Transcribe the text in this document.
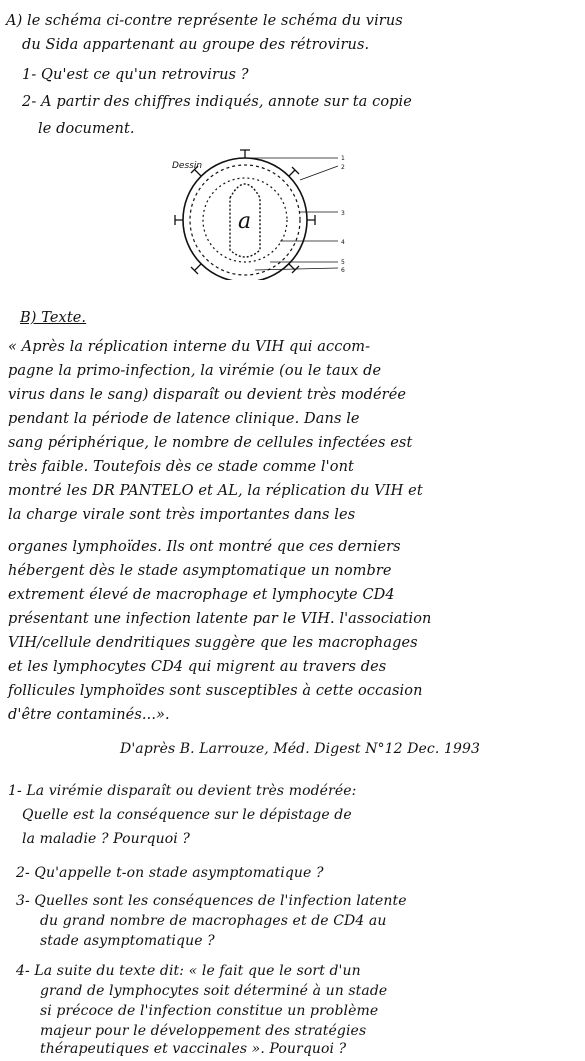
A) le schéma ci-contre représente le schéma du virus
du Sida appartenant au groupe des rétrovirus.
1- Qu'est ce qu'un retrovirus ?
2- A partir des chiffres indiqués, annote sur ta copie
le document.
Dessin
a
1
2
3
4
5
6
B) Texte.
« Après la réplication interne du VIH qui accom-
pagne la primo-infection, la virémie (ou le taux de
virus dans le sang) disparaît ou devient très modérée
pendant la période de latence clinique. Dans le
sang périphérique, le nombre de cellules infectées est
très faible. Toutefois dès ce stade comme l'ont
montré les DR PANTELO et AL, la réplication du VIH et
la charge virale sont très importantes dans les
organes lymphoïdes. Ils ont montré que ces derniers
hébergent dès le stade asymptomatique un nombre
extrement élevé de macrophage et lymphocyte CD4
présentant une infection latente par le VIH. l'association
VIH/cellule dendritiques suggère que les macrophages
et les lymphocytes CD4 qui migrent au travers des
follicules lymphoïdes sont susceptibles à cette occasion
d'être contaminés...».
D'après B. Larrouze, Méd. Digest N°12 Dec. 1993
1- La virémie disparaît ou devient très modérée:
Quelle est la conséquence sur le dépistage de
la maladie ? Pourquoi ?
2- Qu'appelle t-on stade asymptomatique ?
3- Quelles sont les conséquences de l'infection latente
du grand nombre de macrophages et de CD4 au
stade asymptomatique ?
4- La suite du texte dit: « le fait que le sort d'un
grand de lymphocytes soit déterminé à un stade
si précoce de l'infection constitue un problème
majeur pour le développement des stratégies
thérapeutiques et vaccinales ». Pourquoi ?
